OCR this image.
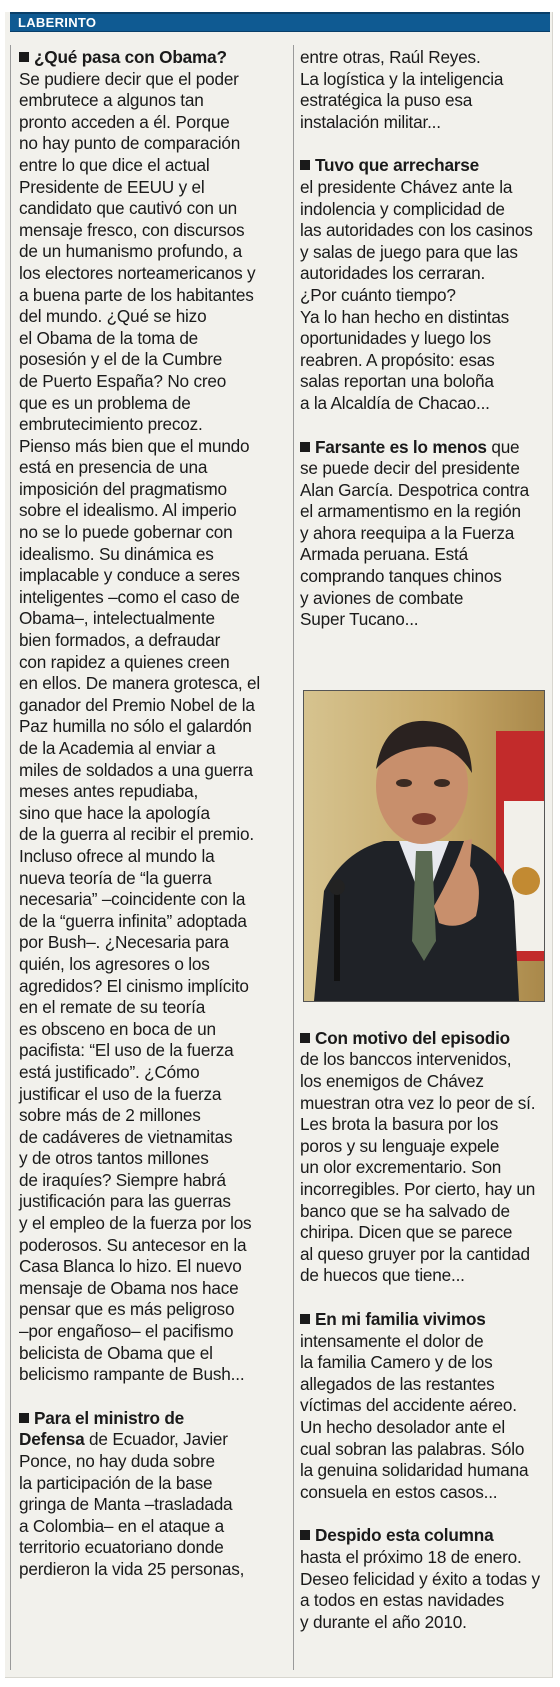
LABERINTO
¿Qué pasa con Obama?
Se pudiere decir que el poder
embrutece a algunos tan
pronto acceden a él. Porque
no hay punto de comparación
entre lo que dice el actual
Presidente de EEUU y el
candidato que cautivó con un
mensaje fresco, con discursos
de un humanismo profundo, a
los electores norteamericanos y
a buena parte de los habitantes
del mundo. ¿Qué se hizo
el Obama de la toma de
posesión y el de la Cumbre
de Puerto España? No creo
que es un problema de
embrutecimiento precoz.
Pienso más bien que el mundo
está en presencia de una
imposición del pragmatismo
sobre el idealismo. Al imperio
no se lo puede gobernar con
idealismo. Su dinámica es
implacable y conduce a seres
inteligentes –como el caso de
Obama–, intelectualmente
bien formados, a defraudar
con rapidez a quienes creen
en ellos. De manera grotesca, el
ganador del Premio Nobel de la
Paz humilla no sólo el galardón
de la Academia al enviar a
miles de soldados a una guerra
meses antes repudiaba,
sino que hace la apología
de la guerra al recibir el premio.
Incluso ofrece al mundo la
nueva teoría de “la guerra
necesaria” –coincidente con la
de la “guerra infinita” adoptada
por Bush–. ¿Necesaria para
quién, los agresores o los
agredidos? El cinismo implícito
en el remate de su teoría
es obsceno en boca de un
pacifista: “El uso de la fuerza
está justificado”. ¿Cómo
justificar el uso de la fuerza
sobre más de 2 millones
de cadáveres de vietnamitas
y de otros tantos millones
de iraquíes? Siempre habrá
justificación para las guerras
y el empleo de la fuerza por los
poderosos. Su antecesor en la
Casa Blanca lo hizo. El nuevo
mensaje de Obama nos hace
pensar que es más peligroso
–por engañoso– el pacifismo
belicista de Obama que el
belicismo rampante de Bush...
Para el ministro de
Defensa de Ecuador, Javier
Ponce, no hay duda sobre
la participación de la base
gringa de Manta –trasladada
a Colombia– en el ataque a
territorio ecuatoriano donde
perdieron la vida 25 personas,
entre otras, Raúl Reyes.
La logística y la inteligencia
estratégica la puso esa
instalación militar...
Tuvo que arrecharse
el presidente Chávez ante la
indolencia y complicidad de
las autoridades con los casinos
y salas de juego para que las
autoridades los cerraran.
¿Por cuánto tiempo?
Ya lo han hecho en distintas
oportunidades y luego los
reabren. A propósito: esas
salas reportan una boloña
a la Alcaldía de Chacao...
Farsante es lo menos que
se puede decir del presidente
Alan García. Despotrica contra
el armamentismo en la región
y ahora reequipa a la Fuerza
Armada peruana. Está
comprando tanques chinos
y aviones de combate
Super Tucano...
Con motivo del episodio
de los banccos intervenidos,
los enemigos de Chávez
muestran otra vez lo peor de sí.
Les brota la basura por los
poros y su lenguaje expele
un olor excrementario. Son
incorregibles. Por cierto, hay un
banco que se ha salvado de
chiripa. Dicen que se parece
al queso gruyer por la cantidad
de huecos que tiene...
En mi familia vivimos
intensamente el dolor de
la familia Camero y de los
allegados de las restantes
víctimas del accidente aéreo.
Un hecho desolador ante el
cual sobran las palabras. Sólo
la genuina solidaridad humana
consuela en estos casos...
Despido esta columna
hasta el próximo 18 de enero.
Deseo felicidad y éxito a todas y
a todos en estas navidades
y durante el año 2010.
